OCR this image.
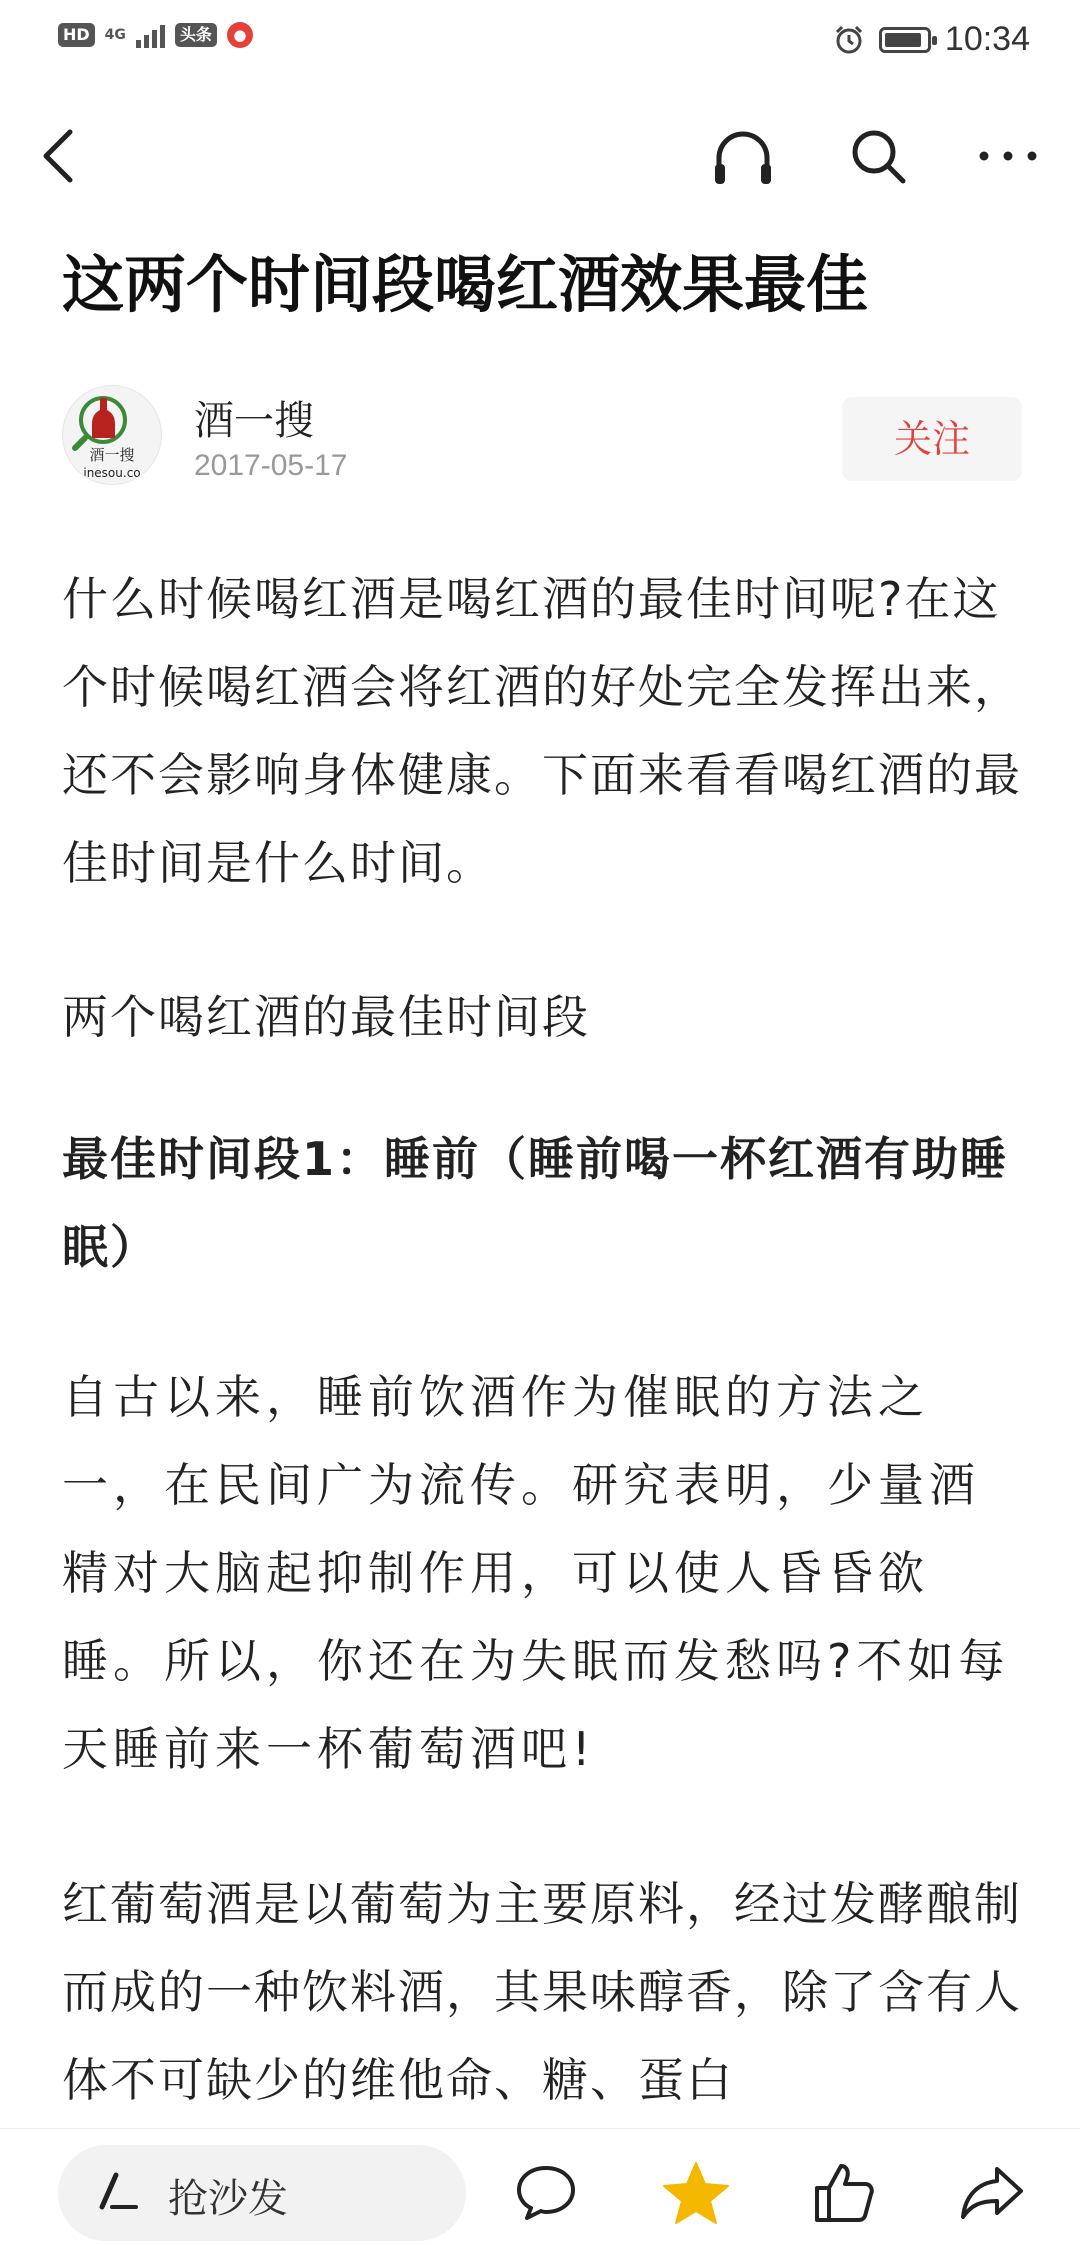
HD	4G	头条	●	10:34
这两个时间段喝红酒效果最佳
酒一搜
inesou.co
酒一搜
2017-05-17
关注

什么时候喝红酒是喝红酒的最佳时间呢?在这个时候喝红酒会将红酒的好处完全发挥出来，还不会影响身体健康。下面来看看喝红酒的最佳时间是什么时间。

两个喝红酒的最佳时间段

最佳时间段1：睡前（睡前喝一杯红酒有助睡眠）

自古以来，睡前饮酒作为催眠的方法之一，在民间广为流传。研究表明，少量酒精对大脑起抑制作用，可以使人昏昏欲睡。所以，你还在为失眠而发愁吗?不如每天睡前来一杯葡萄酒吧!

红葡萄酒是以葡萄为主要原料，经过发酵酿制而成的一种饮料酒，其果味醇香，除了含有人体不可缺少的维他命、糖、蛋白

抢沙发
